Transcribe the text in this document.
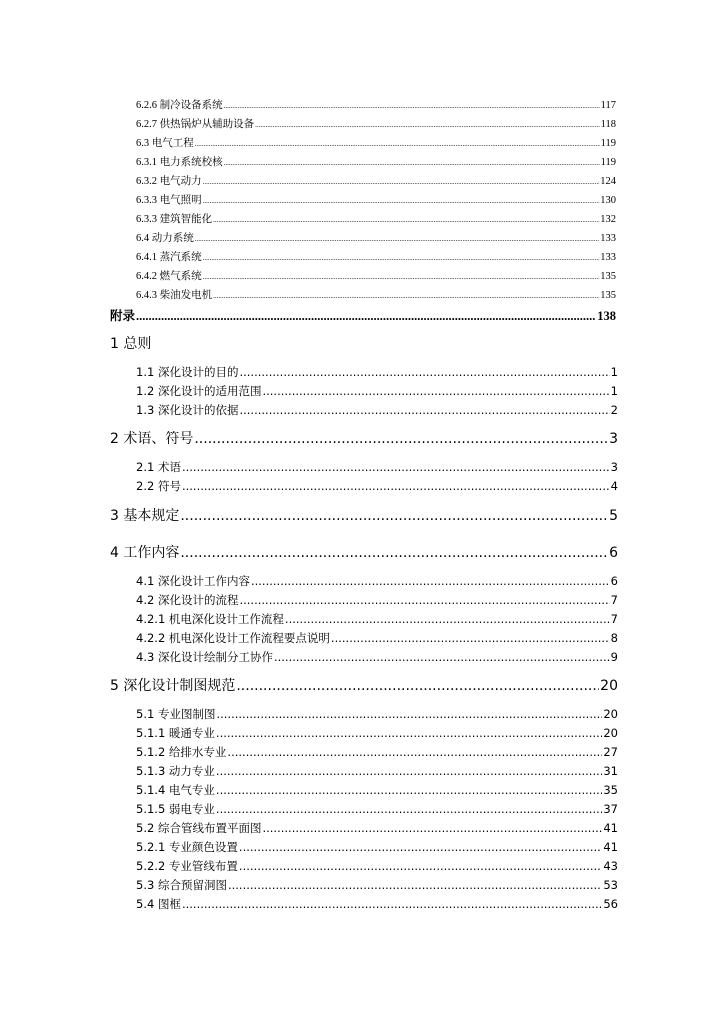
6.2.6 制冷设备系统 .....	117
6.2.7 供热锅炉从辅助设备 .....	118
6.3 电气工程 .....	119
6.3.1 电力系统校核 .....	119
6.3.2 电气动力 .....	124
6.3.3 电气照明 .....	130
6.3.3 建筑智能化 .....	132
6.4 动力系统 .....	133
6.4.1 蒸汽系统 .....	133
6.4.2 燃气系统 .....	135
6.4.3 柴油发电机 .....	135
附录 .....	138
1 总则
1.1 深化设计的目的 .....	1
1.2 深化设计的适用范围 .....	1
1.3 深化设计的依据 .....	2
2 术语、符号 .....	3
2.1 术语 .....	3
2.2 符号 .....	4
3 基本规定 .....	5
4 工作内容 .....	6
4.1 深化设计工作内容 .....	6
4.2 深化设计的流程 .....	7
4.2.1 机电深化设计工作流程 .....	7
4.2.2 机电深化设计工作流程要点说明 .....	8
4.3 深化设计绘制分工协作 .....	9
5 深化设计制图规范 .....	20
5.1 专业图制图 .....	20
5.1.1 暖通专业 .....	20
5.1.2 给排水专业 .....	27
5.1.3 动力专业 .....	31
5.1.4 电气专业 .....	35
5.1.5 弱电专业 .....	37
5.2 综合管线布置平面图 .....	41
5.2.1 专业颜色设置 .....	41
5.2.2 专业管线布置 .....	43
5.3 综合预留洞图 .....	53
5.4 图框 .....	56
